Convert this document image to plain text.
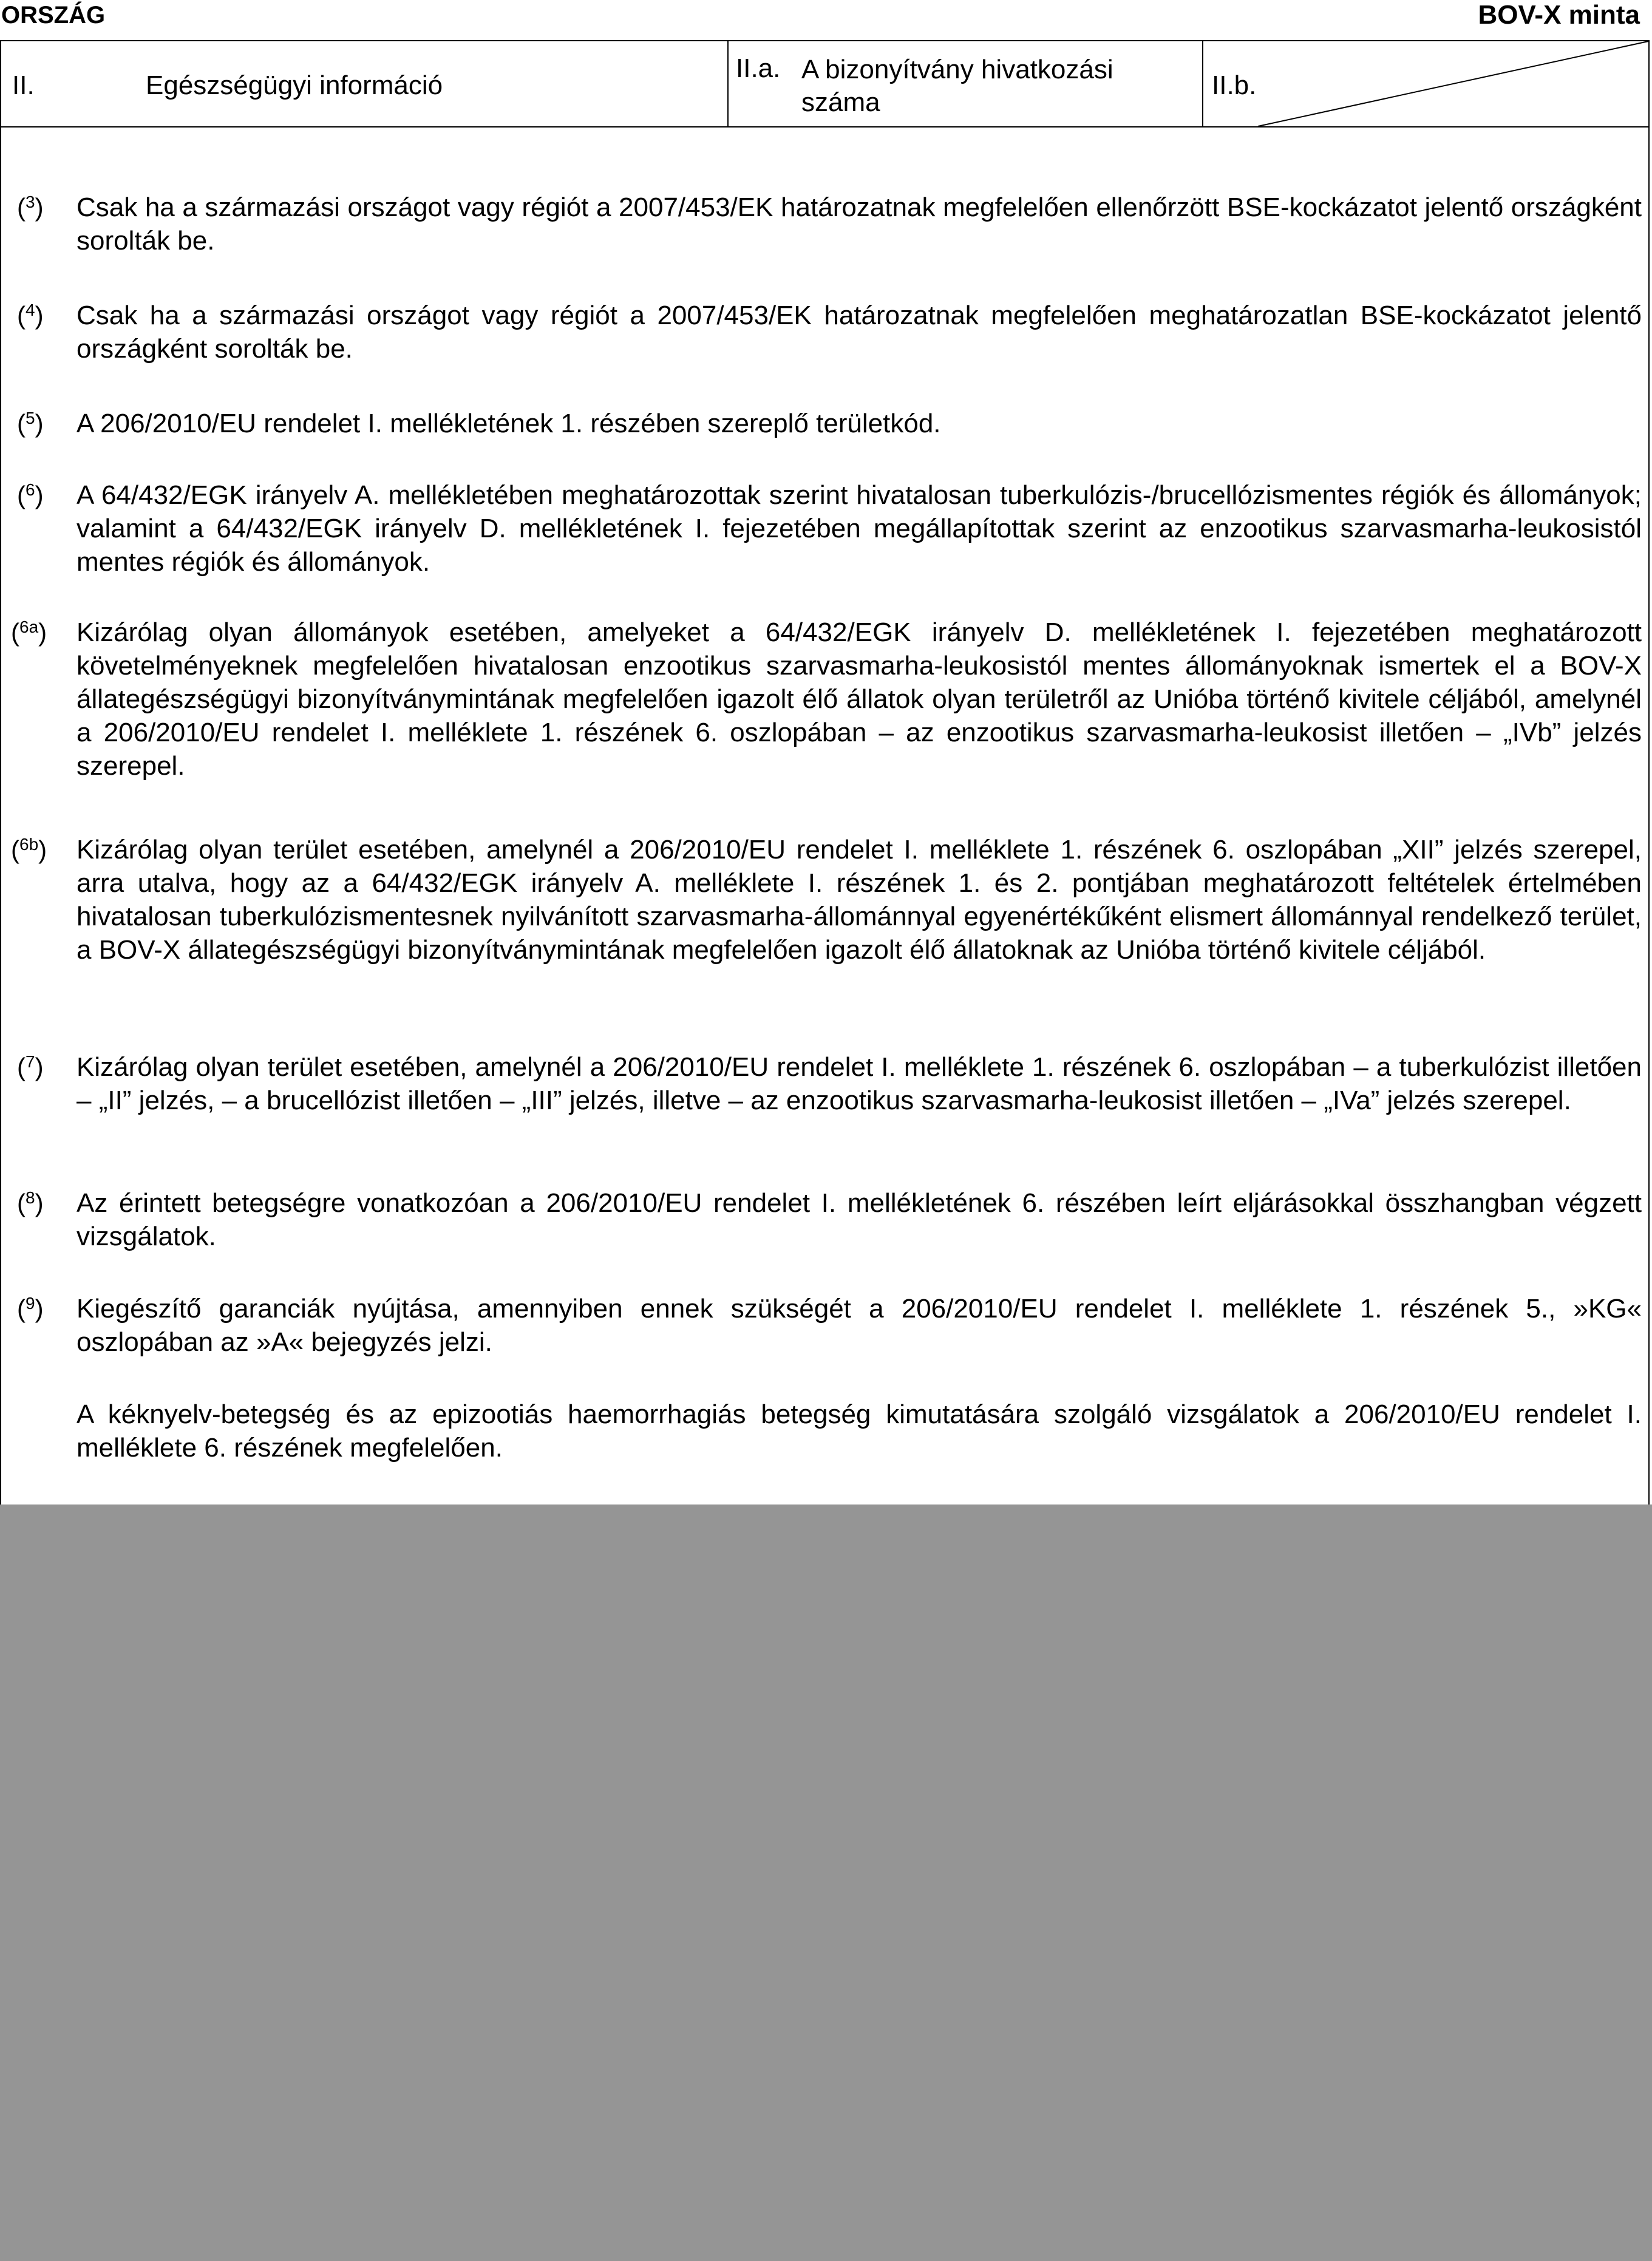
ORSZÁG	BOV-X minta
II.	Egészségügyi információ
II.a. A bizonyítvány hivatkozási száma
II.b.
($^3$) Csak ha a származási országot vagy régiót a 2007/453/EK határozatnak megfelelően ellenőrzött BSE-kockázatot jelentő országként sorolták be.

($^4$) Csak ha a származási országot vagy régiót a 2007/453/EK határozatnak megfelelően meghatározatlan BSE-kockázatot jelentő országként sorolták be.

($^5$) A 206/2010/EU rendelet I. mellékletének 1. részében szereplő területkód.

($^6$) A 64/432/EGK irányelv A. mellékletében meghatározottak szerint hivatalosan tuberkulózis-/brucellózismentes régiók és állományok; valamint a 64/432/EGK irányelv D. mellékletének I. fejezetében megállapítottak szerint az enzootikus szarvasmarha-leukosistól mentes régiók és állományok.

($^{6a}$) Kizárólag olyan állományok esetében, amelyeket a 64/432/EGK irányelv D. mellékletének I. fejezetében meghatározott követelményeknek megfelelően hivatalosan enzootikus szarvasmarha-leukosistól mentes állományoknak ismertek el a BOV-X állategészségügyi bizonyítványmintának megfelelően igazolt élő állatok olyan területről az Unióba történő kivitele céljából, amelynél a 206/2010/EU rendelet I. melléklete 1. részének 6. oszlopában – az enzootikus szarvasmarha-leukosist illetően – „IVb” jelzés szerepel.

($^{6b}$) Kizárólag olyan terület esetében, amelynél a 206/2010/EU rendelet I. melléklete 1. részének 6. oszlopában „XII” jelzés szerepel, arra utalva, hogy az a 64/432/EGK irányelv A. melléklete I. részének 1. és 2. pontjában meghatározott feltételek értelmében hivatalosan tuberkulózismentesnek nyilvánított szarvasmarha-állománnyal egyenértékűként elismert állománnyal rendelkező terület, a BOV-X állategészségügyi bizonyítványmintának megfelelően igazolt élő állatoknak az Unióba történő kivitele céljából.

($^7$) Kizárólag olyan terület esetében, amelynél a 206/2010/EU rendelet I. melléklete 1. részének 6. oszlopában – a tuberkulózist illetően – „II” jelzés, – a brucellózist illetően – „III” jelzés, illetve – az enzootikus szarvasmarha-leukosist illetően – „IVa” jelzés szerepel.

($^8$) Az érintett betegségre vonatkozóan a 206/2010/EU rendelet I. mellékletének 6. részében leírt eljárásokkal összhangban végzett vizsgálatok.

($^9$) Kiegészítő garanciák nyújtása, amennyiben ennek szükségét a 206/2010/EU rendelet I. melléklete 1. részének 5., »KG« oszlopában az »A« bejegyzés jelzi.

A kéknyelv-betegség és az epizootiás haemorrhagiás betegség kimutatására szolgáló vizsgálatok a 206/2010/EU rendelet I. melléklete 6. részének megfelelően.
